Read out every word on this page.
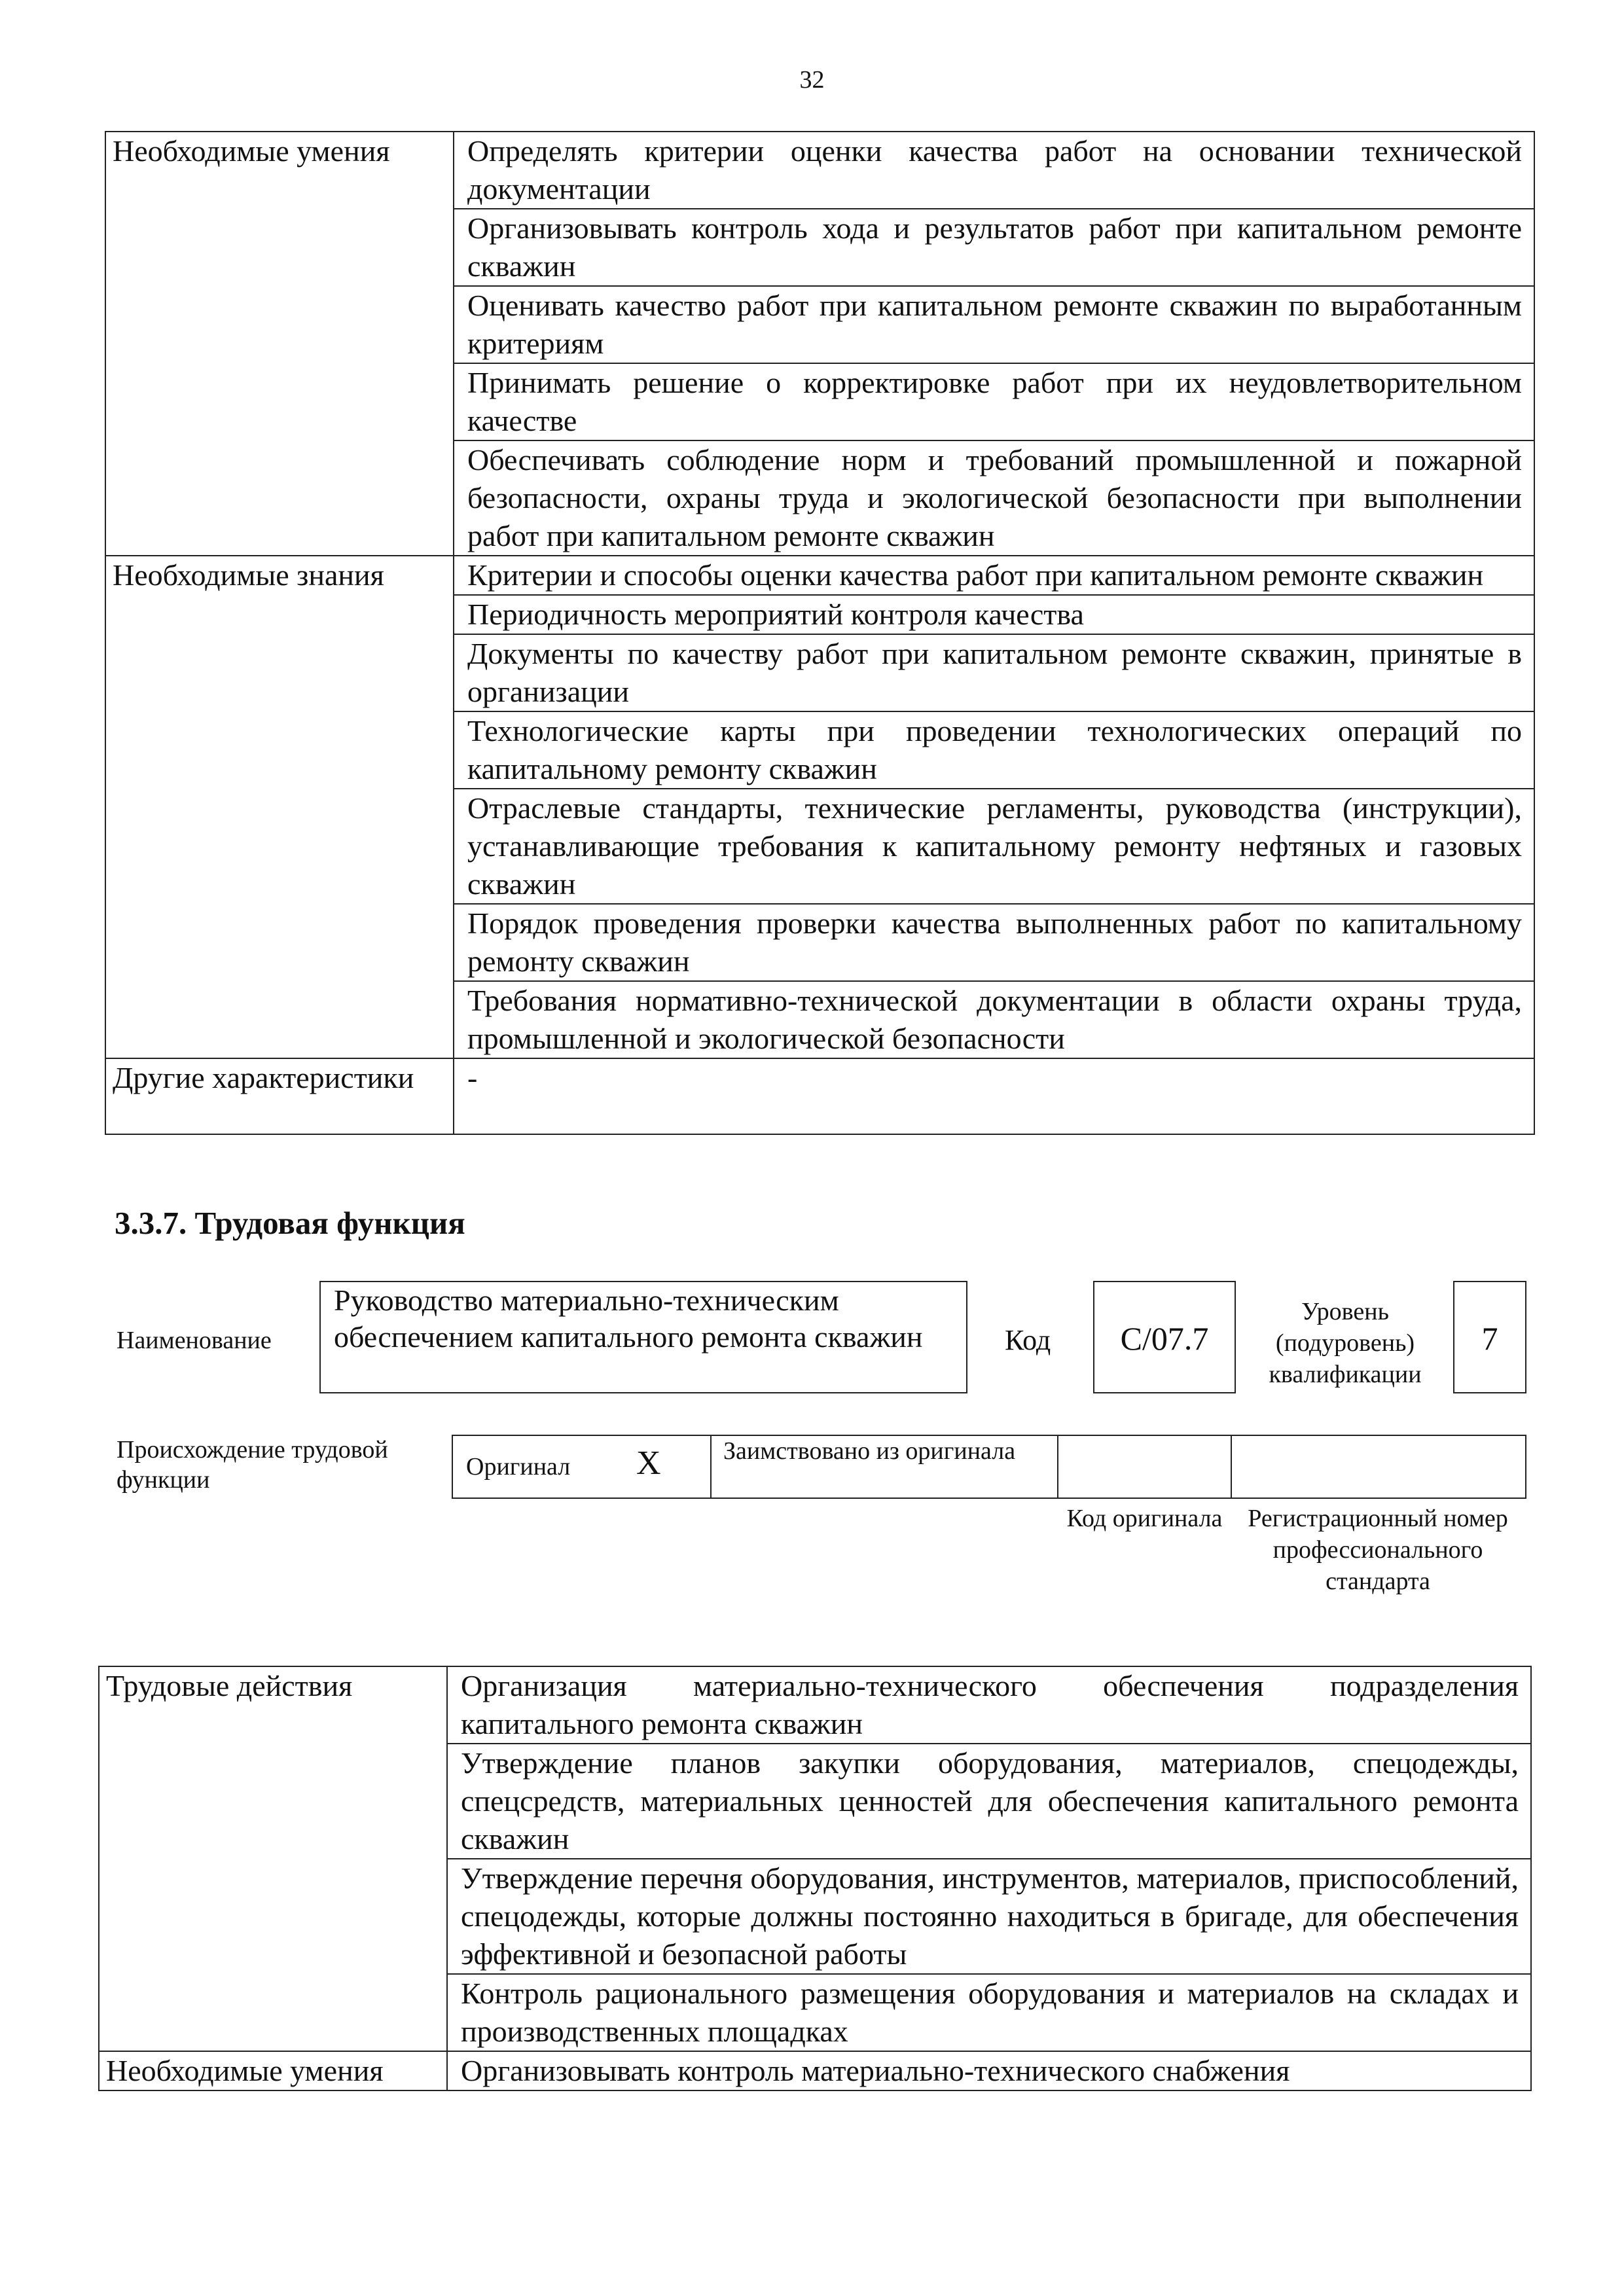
32
Необходимые умения	Определять критерии оценки качества работ на основании технической документации
	Организовывать контроль хода и результатов работ при капитальном ремонте скважин
	Оценивать качество работ при капитальном ремонте скважин по выработанным критериям
	Принимать решение о корректировке работ при их неудовлетворительном качестве
	Обеспечивать соблюдение норм и требований промышленной и пожарной безопасности, охраны труда и экологической безопасности при выполнении работ при капитальном ремонте скважин
Необходимые знания	Критерии и способы оценки качества работ при капитальном ремонте скважин
	Периодичность мероприятий контроля качества
	Документы по качеству работ при капитальном ремонте скважин, принятые в организации
	Технологические карты при проведении технологических операций по капитальному ремонту скважин
	Отраслевые стандарты, технические регламенты, руководства (инструкции), устанавливающие требования к капитальному ремонту нефтяных и газовых скважин
	Порядок проведения проверки качества выполненных работ по капитальному ремонту скважин
	Требования нормативно-технической документации в области охраны труда, промышленной и экологической безопасности
Другие характеристики	-
3.3.7. Трудовая функция
Наименование
Руководство материально-техническим обеспечением капитального ремонта скважин	Код	C/07.7
Уровень (подуровень) квалификации
7
Происхождение трудовой функции	Оригинал X	Заимствовано из оригинала
Код оригинала	Регистрационный номер профессионального стандарта
Трудовые действия	Организация материально-технического обеспечения подразделения капитального ремонта скважин
	Утверждение планов закупки оборудования, материалов, спецодежды, спецсредств, материальных ценностей для обеспечения капитального ремонта скважин
	Утверждение перечня оборудования, инструментов, материалов, приспособлений, спецодежды, которые должны постоянно находиться в бригаде, для обеспечения эффективной и безопасной работы
	Контроль рационального размещения оборудования и материалов на складах и производственных площадках
Необходимые умения	Организовывать контроль материально-технического снабжения
